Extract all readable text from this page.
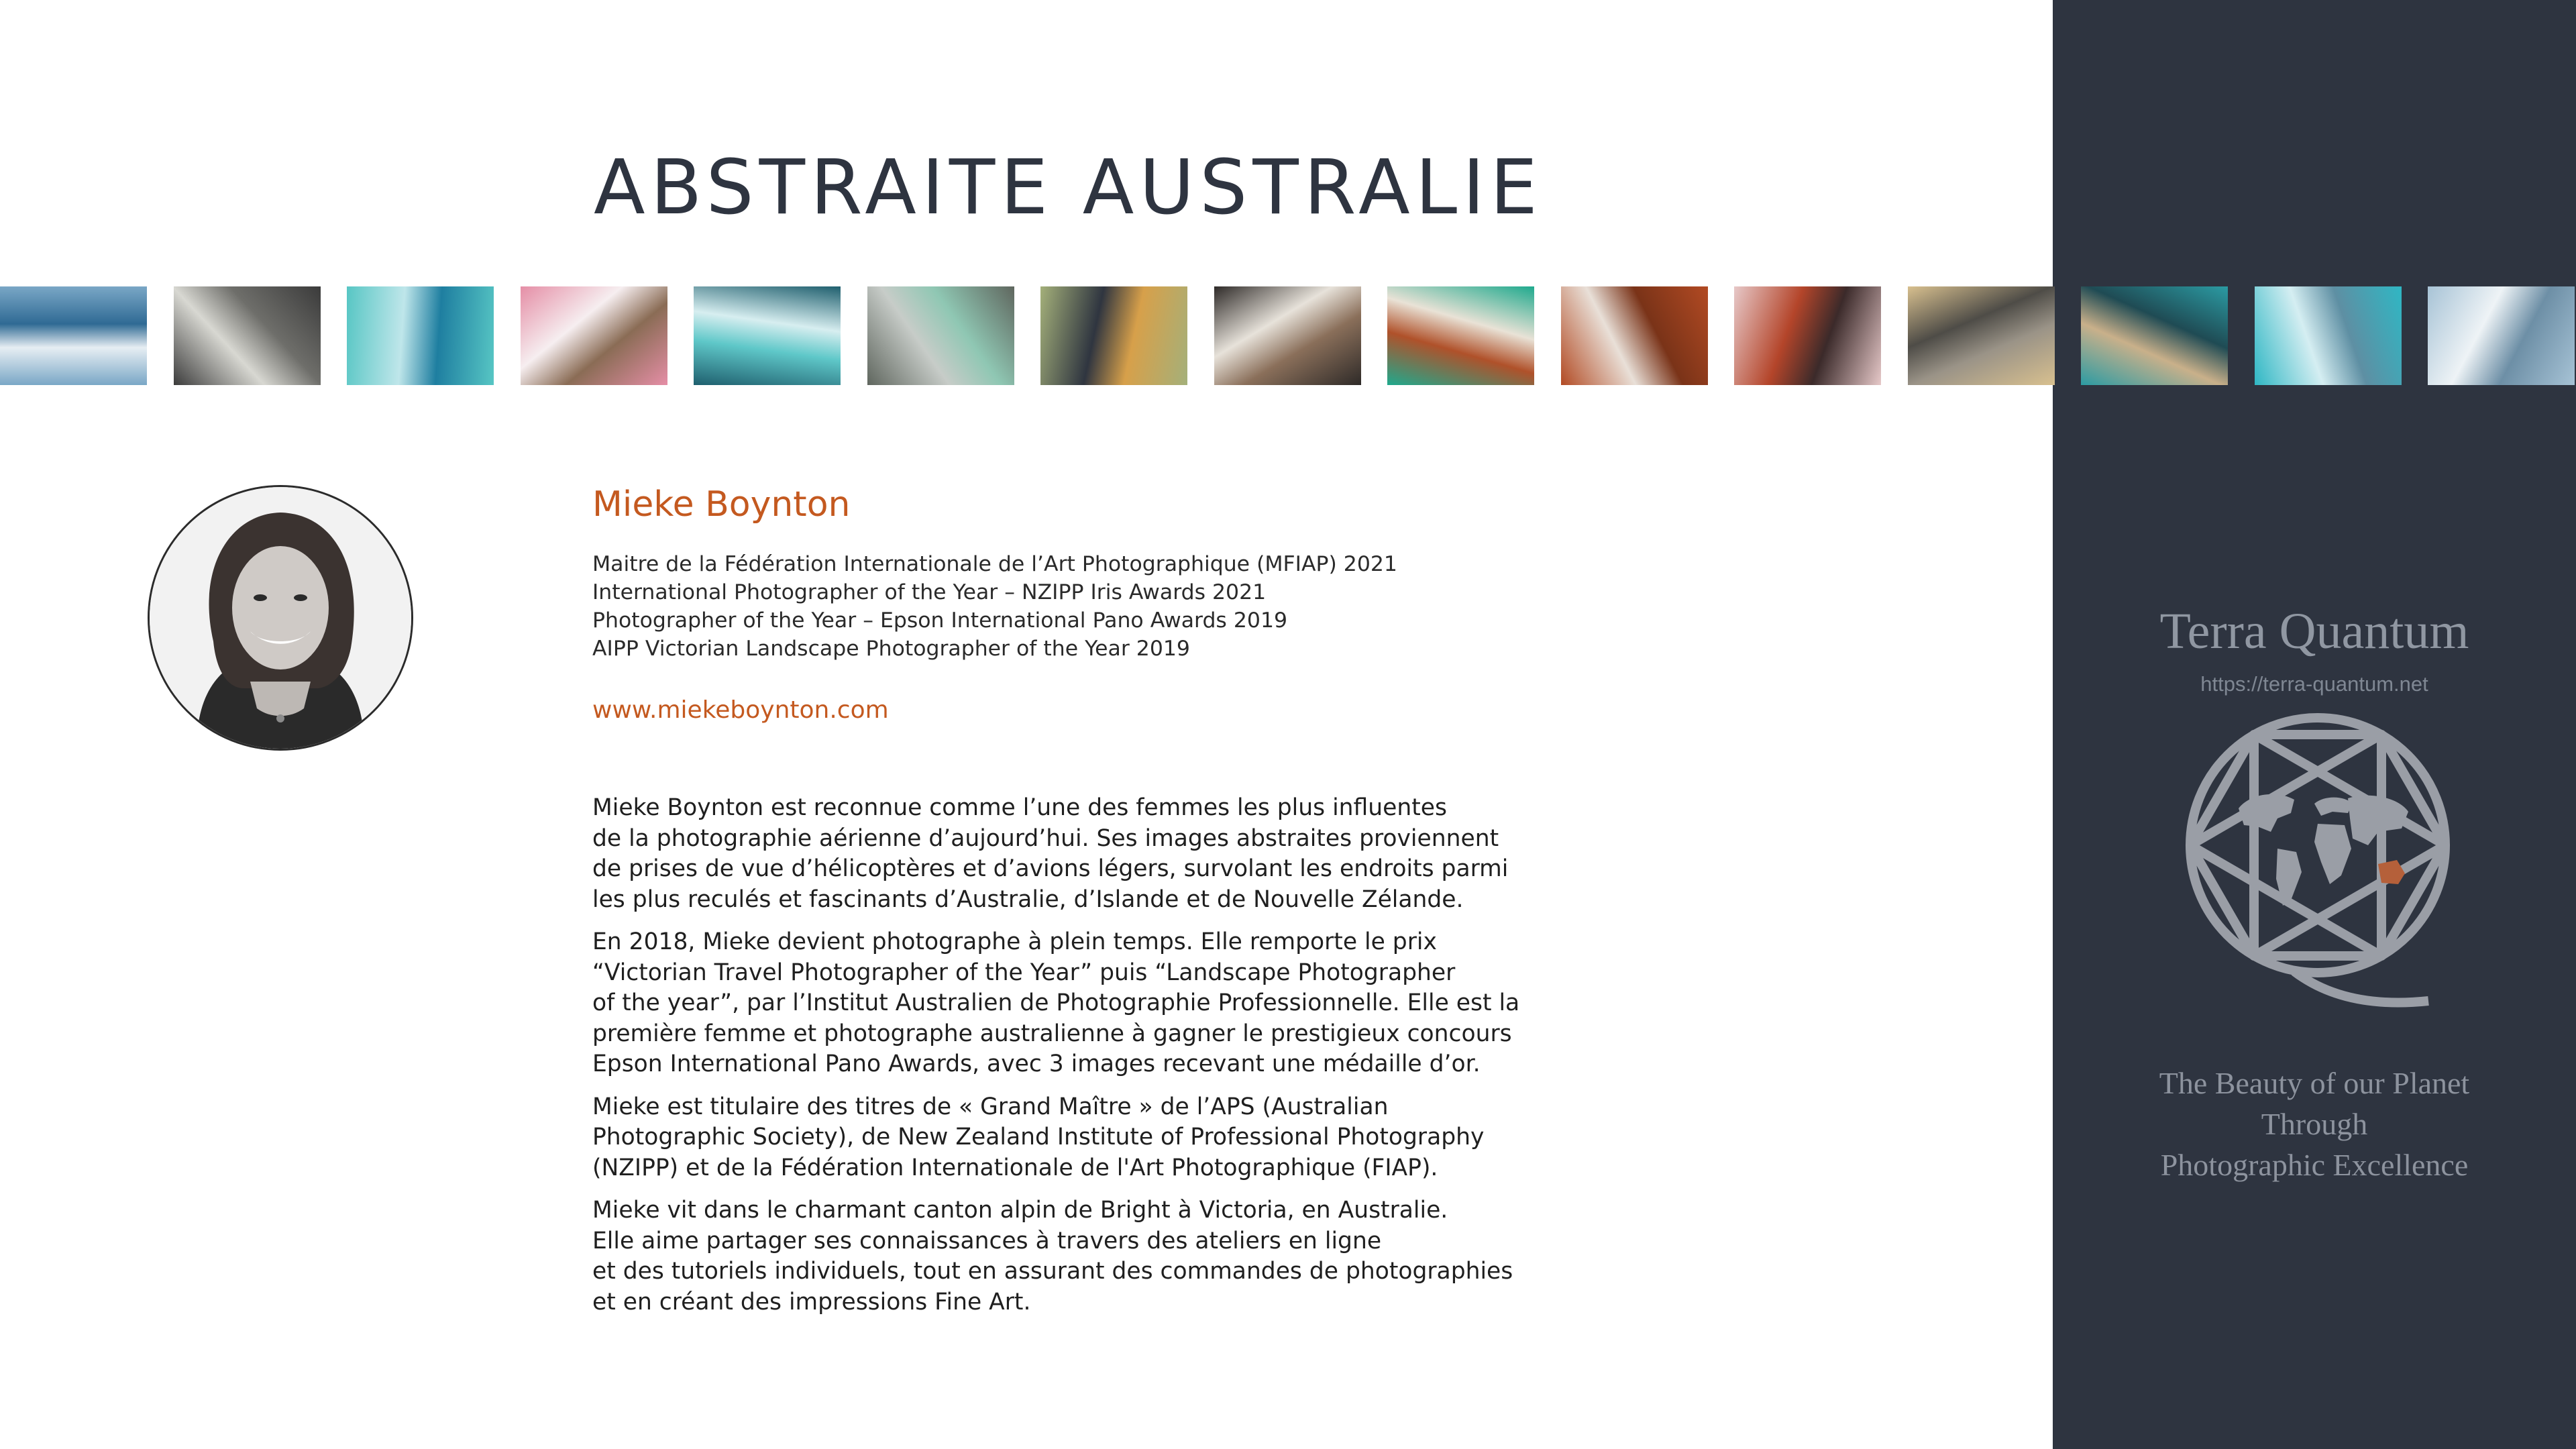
ABSTRAITE AUSTRALIE
Mieke Boynton
Maitre de la Fédération Internationale de l’Art Photographique (MFIAP) 2021
International Photographer of the Year – NZIPP Iris Awards 2021
Photographer of the Year – Epson International Pano Awards 2019
AIPP Victorian Landscape Photographer of the Year 2019
www.miekeboynton.com
Mieke Boynton est reconnue comme l’une des femmes les plus influentes
de la photographie aérienne d’aujourd’hui. Ses images abstraites proviennent
de prises de vue d’hélicoptères et d’avions légers, survolant les endroits parmi
les plus reculés et fascinants d’Australie, d’Islande et de Nouvelle Zélande.
En 2018, Mieke devient photographe à plein temps. Elle remporte le prix
“Victorian Travel Photographer of the Year” puis “Landscape Photographer
of the year”, par l’Institut Australien de Photographie Professionnelle. Elle est la
première femme et photographe australienne à gagner le prestigieux concours
Epson International Pano Awards, avec 3 images recevant une médaille d’or.
Mieke est titulaire des titres de « Grand Maître » de l’APS (Australian
Photographic Society), de New Zealand Institute of Professional Photography
(NZIPP) et de la Fédération Internationale de l'Art Photographique (FIAP).
Mieke vit dans le charmant canton alpin de Bright à Victoria, en Australie.
Elle aime partager ses connaissances à travers des ateliers en ligne
et des tutoriels individuels, tout en assurant des commandes de photographies
et en créant des impressions Fine Art.
Terra Quantum
https://terra-quantum.net
The Beauty of our Planet
Through
Photographic Excellence
